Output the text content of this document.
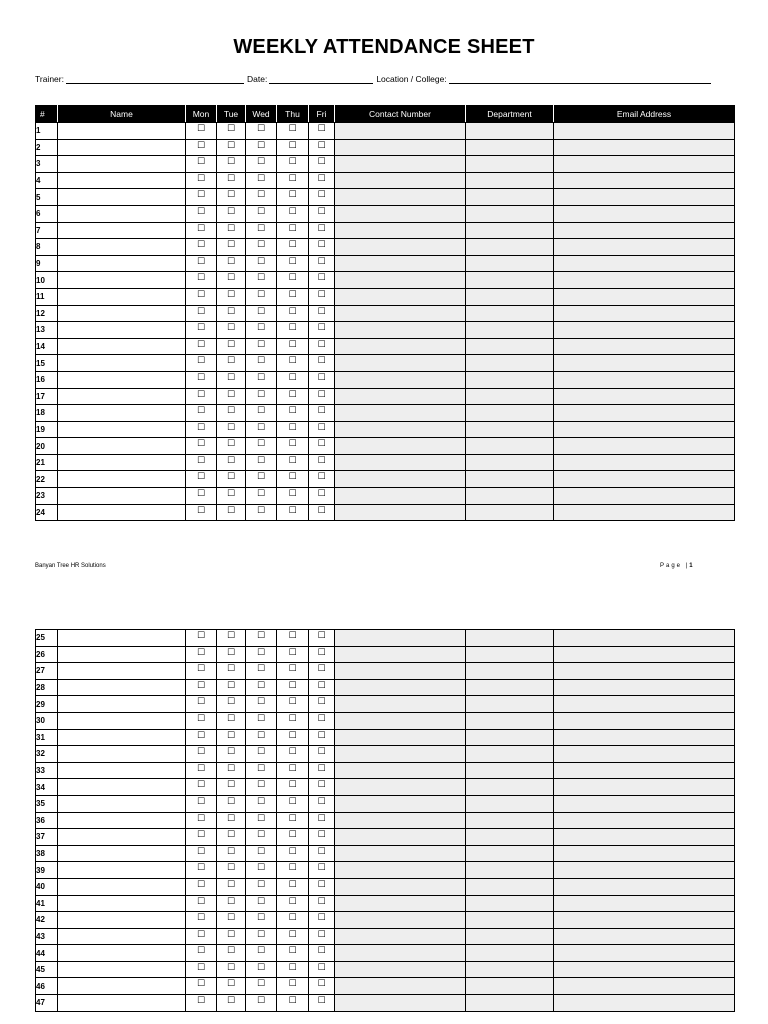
WEEKLY ATTENDANCE SHEET
Trainer:	Date:	Location / College:
#	Name	Mon	Tue	Wed	Thu	Fri	Contact Number	Department	Email Address
1		☐	☐	☐	☐	☐			
2		☐	☐	☐	☐	☐			
3		☐	☐	☐	☐	☐			
4		☐	☐	☐	☐	☐			
5		☐	☐	☐	☐	☐			
6		☐	☐	☐	☐	☐			
7		☐	☐	☐	☐	☐			
8		☐	☐	☐	☐	☐			
9		☐	☐	☐	☐	☐			
10		☐	☐	☐	☐	☐			
11		☐	☐	☐	☐	☐			
12		☐	☐	☐	☐	☐			
13		☐	☐	☐	☐	☐			
14		☐	☐	☐	☐	☐			
15		☐	☐	☐	☐	☐			
16		☐	☐	☐	☐	☐			
17		☐	☐	☐	☐	☐			
18		☐	☐	☐	☐	☐			
19		☐	☐	☐	☐	☐			
20		☐	☐	☐	☐	☐			
21		☐	☐	☐	☐	☐			
22		☐	☐	☐	☐	☐			
23		☐	☐	☐	☐	☐			
24		☐	☐	☐	☐	☐			
Banyan Tree HR Solutions	Page |1
25		☐	☐	☐	☐	☐			
26		☐	☐	☐	☐	☐			
27		☐	☐	☐	☐	☐			
28		☐	☐	☐	☐	☐			
29		☐	☐	☐	☐	☐			
30		☐	☐	☐	☐	☐			
31		☐	☐	☐	☐	☐			
32		☐	☐	☐	☐	☐			
33		☐	☐	☐	☐	☐			
34		☐	☐	☐	☐	☐			
35		☐	☐	☐	☐	☐			
36		☐	☐	☐	☐	☐			
37		☐	☐	☐	☐	☐			
38		☐	☐	☐	☐	☐			
39		☐	☐	☐	☐	☐			
40		☐	☐	☐	☐	☐			
41		☐	☐	☐	☐	☐			
42		☐	☐	☐	☐	☐			
43		☐	☐	☐	☐	☐			
44		☐	☐	☐	☐	☐			
45		☐	☐	☐	☐	☐			
46		☐	☐	☐	☐	☐			
47		☐	☐	☐	☐	☐			
